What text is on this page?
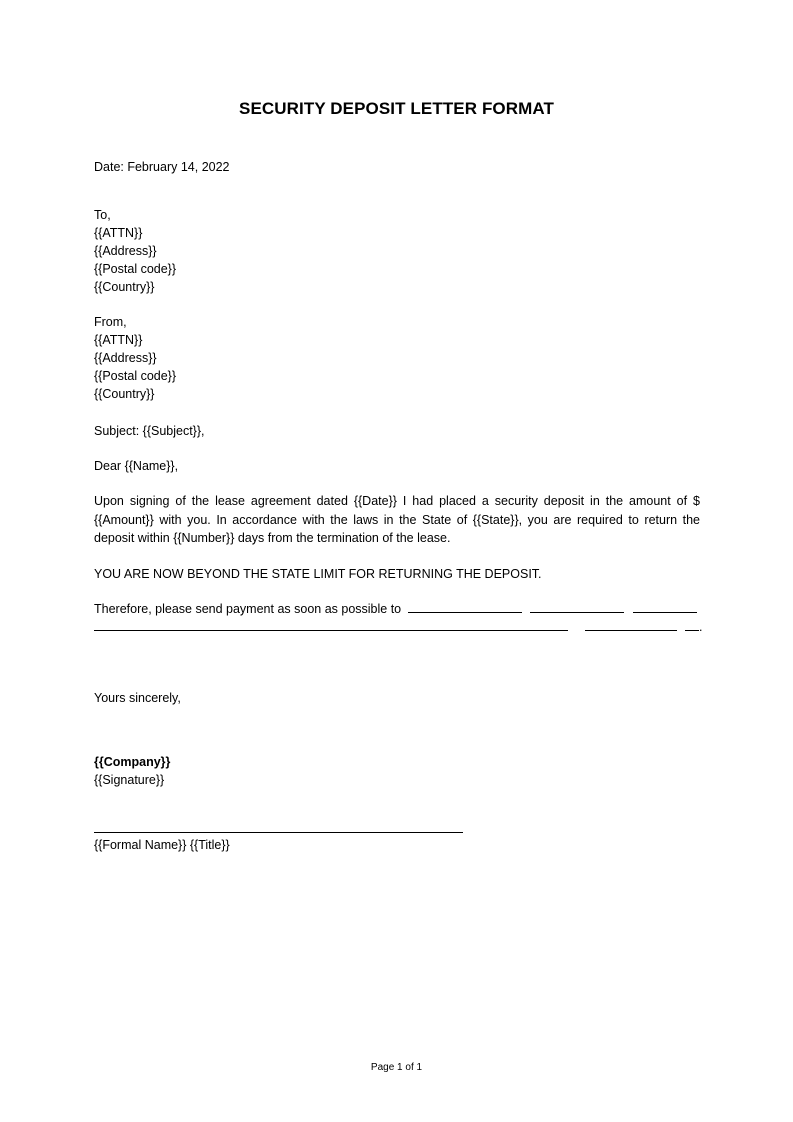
SECURITY DEPOSIT LETTER FORMAT
Date: February 14, 2022
To,
{{ATTN}}
{{Address}}
{{Postal code}}
{{Country}}
From,
{{ATTN}}
{{Address}}
{{Postal code}}
{{Country}}
Subject: {{Subject}},
Dear {{Name}},
Upon signing of the lease agreement dated {{Date}} I had placed a security deposit in the amount of $ {{Amount}} with you. In accordance with the laws in the State of {{State}}, you are required to return the deposit within {{Number}} days from the termination of the lease.
YOU ARE NOW BEYOND THE STATE LIMIT FOR RETURNING THE DEPOSIT.
Therefore, please send payment as soon as possible to
.
Yours sincerely,
{{Company}}
{{Signature}}
{{Formal Name}} {{Title}}
Page 1 of 1
